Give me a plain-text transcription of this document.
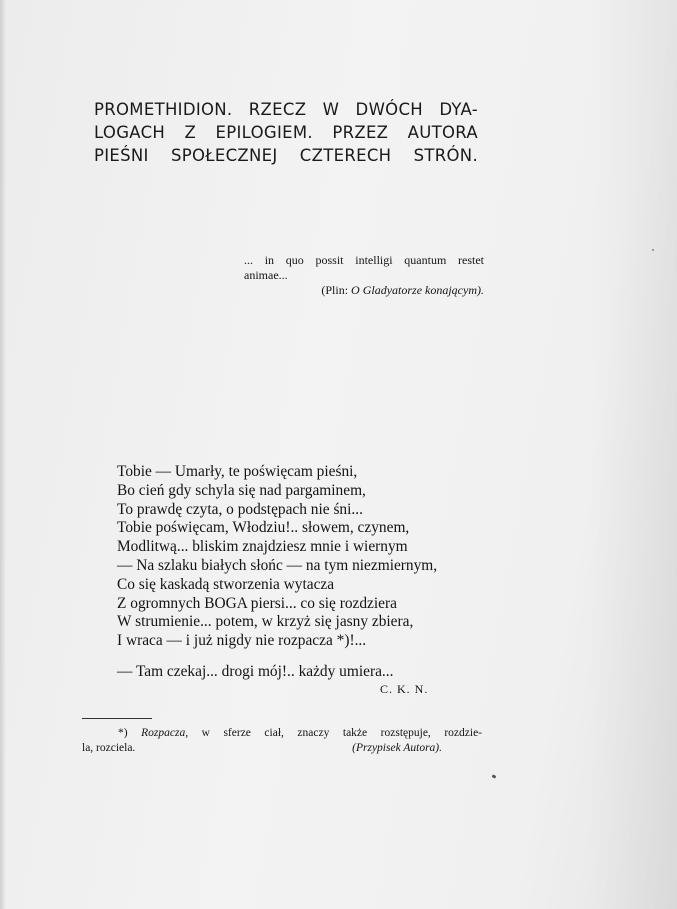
PROMETHIDION. RZECZ W DWÓCH DYA-
LOGACH Z EPILOGIEM. PRZEZ AUTORA
PIEŚNI SPOŁECZNEJ CZTERECH STRÓN.
... in quo possit intelligi quantum restet
animae...
(Plin: O Gladyatorze konającym).
Tobie — Umarły, te poświęcam pieśni,
Bo cień gdy schyla się nad pargaminem,
To prawdę czyta, o podstępach nie śni...
Tobie poświęcam, Włodziu!.. słowem, czynem,
Modlitwą... bliskim znajdziesz mnie i wiernym
— Na szlaku białych słońc — na tym niezmiernym,
Co się kaskadą stworzenia wytacza
Z ogromnych BOGA piersi... co się rozdziera
W strumienie... potem, w krzyż się jasny zbiera,
I wraca — i już nigdy nie rozpacza *)!...
— Tam czekaj... drogi mój!.. każdy umiera...
C. K. N.
*) Rozpacza, w sferze ciał, znaczy także rozstępuje, rozdzie-
la, rozciela.	(Przypisek Autora).
